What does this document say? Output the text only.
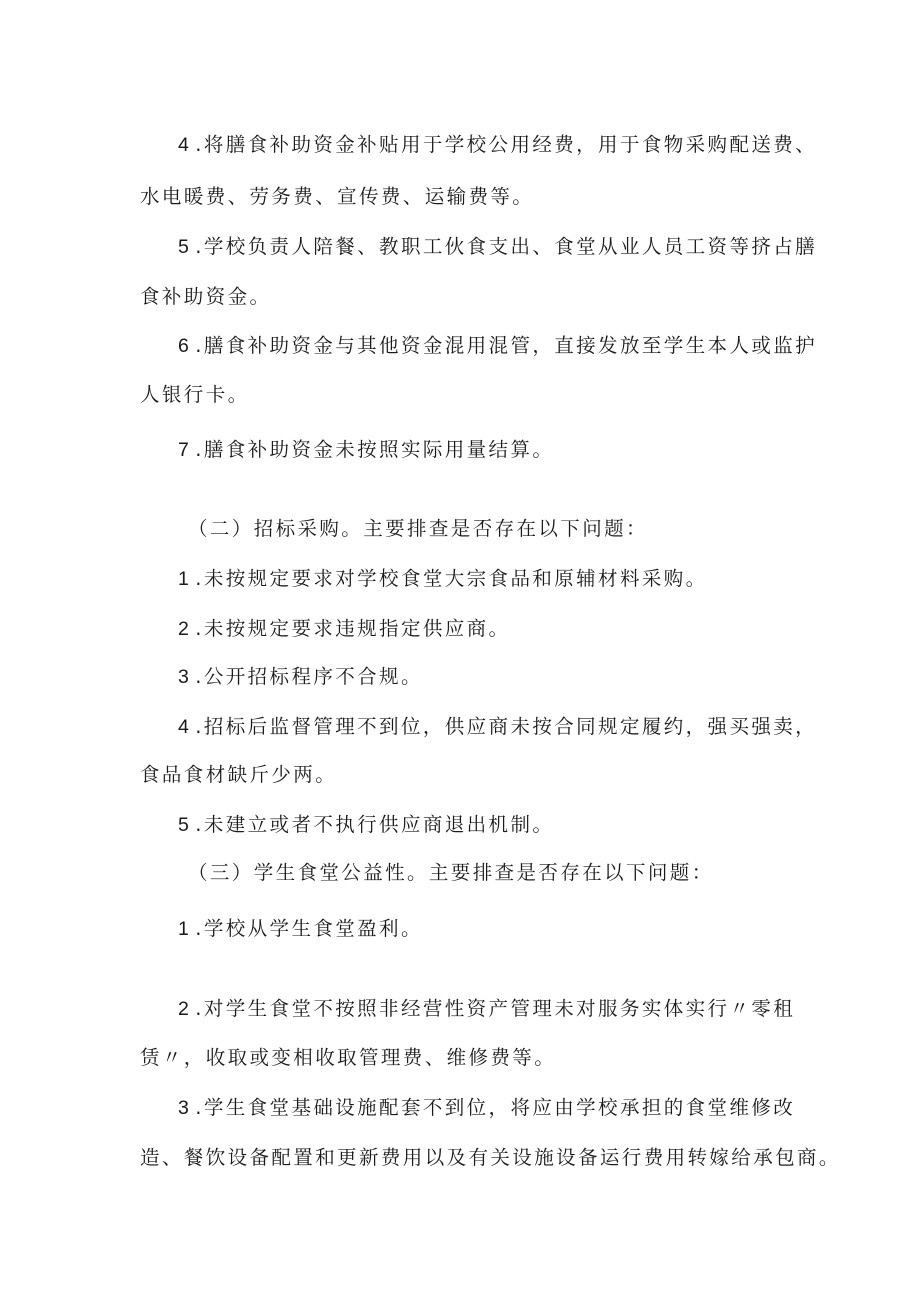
4 .将膳食补助资金补贴用于学校公用经费，用于食物采购配送费、
水电暖费、劳务费、宣传费、运输费等。
5 .学校负责人陪餐、教职工伙食支出、食堂从业人员工资等挤占膳
食补助资金。
6 .膳食补助资金与其他资金混用混管，直接发放至学生本人或监护
人银行卡。
7 .膳食补助资金未按照实际用量结算。
（二）招标采购。主要排查是否存在以下问题：
1 .未按规定要求对学校食堂大宗食品和原辅材料采购。
2 .未按规定要求违规指定供应商。
3 .公开招标程序不合规。
4 .招标后监督管理不到位，供应商未按合同规定履约，强买强卖，
食品食材缺斤少两。
5 .未建立或者不执行供应商退出机制。
（三）学生食堂公益性。主要排查是否存在以下问题：
1 .学校从学生食堂盈利。
2 .对学生食堂不按照非经营性资产管理未对服务实体实行〃零租
赁〃，收取或变相收取管理费、维修费等。
3 .学生食堂基础设施配套不到位，将应由学校承担的食堂维修改
造、餐饮设备配置和更新费用以及有关设施设备运行费用转嫁给承包商。
